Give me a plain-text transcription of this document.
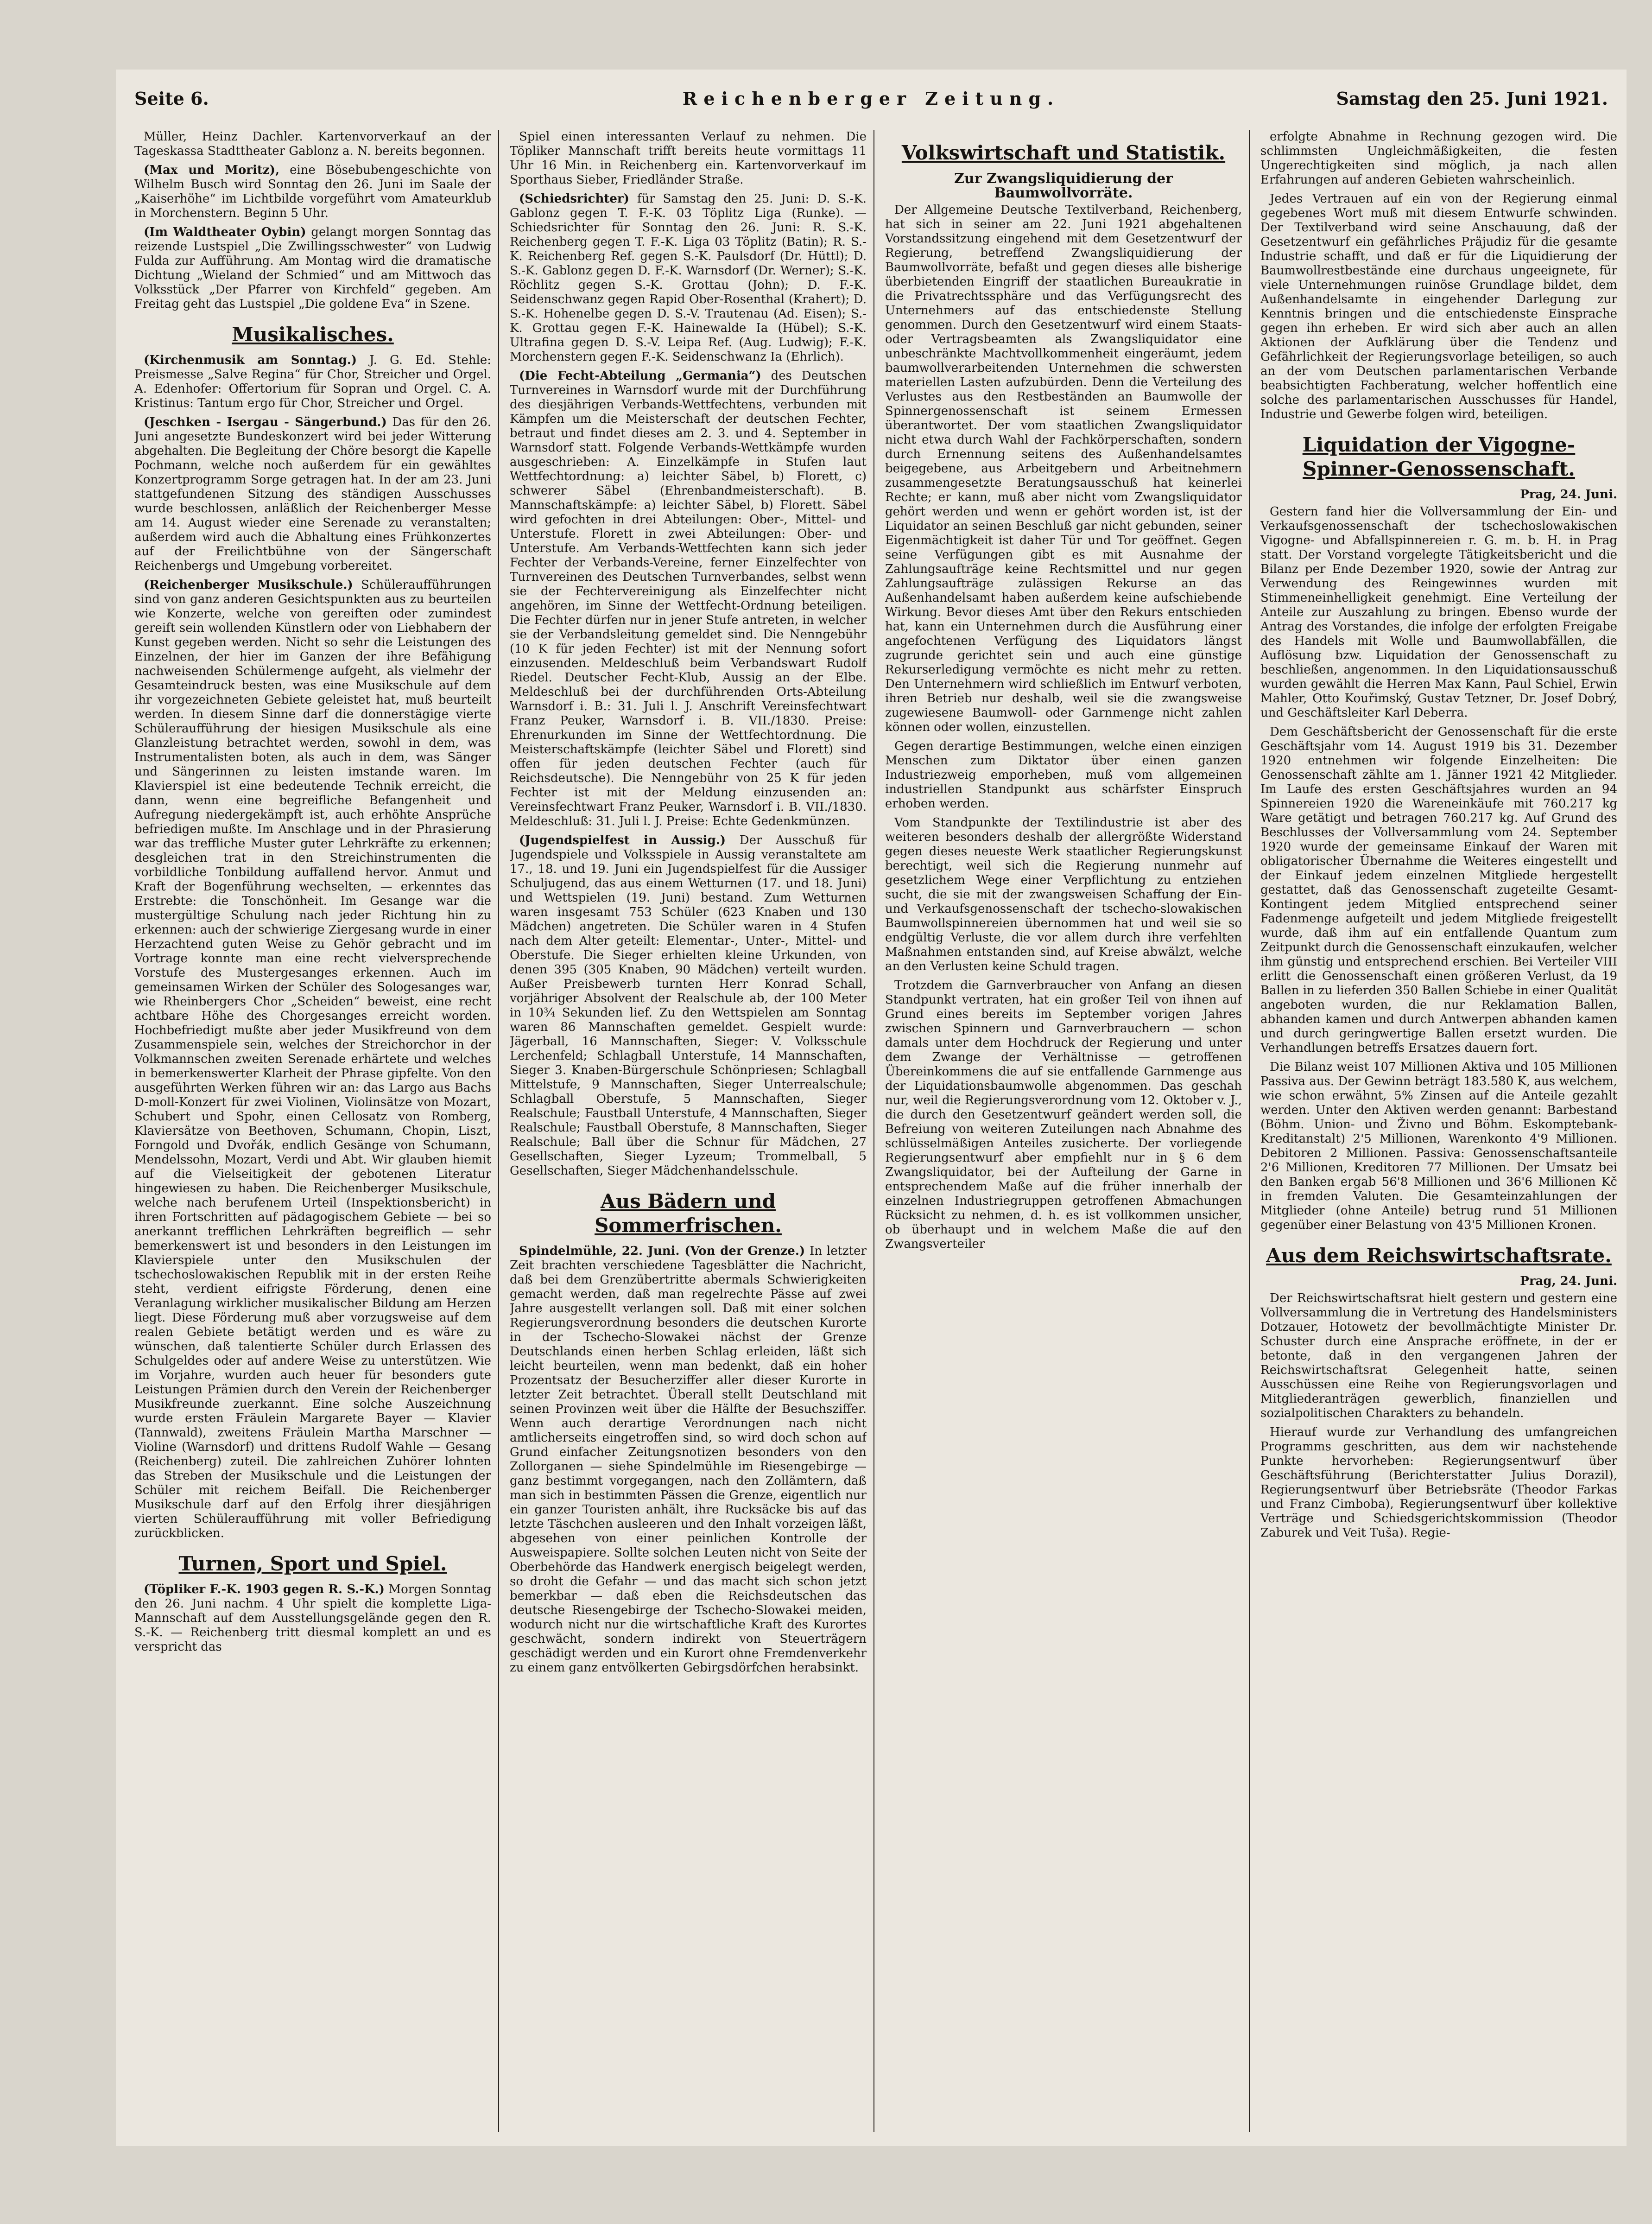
Seite 6.	Reichenberger Zeitung.	Samstag den 25. Juni 1921.

Müller, Heinz Dachler. Kartenvorverkauf an der Tageskassa Stadttheater Gablonz a. N. bereits begonnen.

(Max und Moritz), eine Bösebubengeschichte von Wilhelm Busch wird Sonntag den 26. Juni im Saale der „Kaiserhöhe“ im Lichtbilde vorgeführt vom Amateurklub in Morchenstern. Beginn 5 Uhr.

(Im Waldtheater Oybin) gelangt morgen Sonntag das reizende Lustspiel „Die Zwillingsschwester“ von Ludwig Fulda zur Aufführung. Am Montag wird die dramatische Dichtung „Wieland der Schmied“ und am Mittwoch das Volksstück „Der Pfarrer von Kirchfeld“ gegeben. Am Freitag geht das Lustspiel „Die goldene Eva“ in Szene.

Musikalisches.

(Kirchenmusik am Sonntag.) J. G. Ed. Stehle: Preismesse „Salve Regina“ für Chor, Streicher und Orgel. A. Edenhofer: Offertorium für Sopran und Orgel. C. A. Kristinus: Tantum ergo für Chor, Streicher und Orgel.

(Jeschken - Isergau - Sängerbund.) Das für den 26. Juni angesetzte Bundeskonzert wird bei jeder Witterung abgehalten. Die Begleitung der Chöre besorgt die Kapelle Pochmann, welche noch außerdem für ein gewähltes Konzertprogramm Sorge getragen hat. In der am 23. Juni stattgefundenen Sitzung des ständigen Ausschusses wurde beschlossen, anläßlich der Reichenberger Messe am 14. August wieder eine Serenade zu veranstalten; außerdem wird auch die Abhaltung eines Frühkonzertes auf der Freilichtbühne von der Sängerschaft Reichenbergs und Umgebung vorbereitet.

(Reichenberger Musikschule.) Schüleraufführungen sind von ganz anderen Gesichtspunkten aus zu beurteilen wie Konzerte, welche von gereiften oder zumindest gereift sein wollenden Künstlern oder von Liebhabern der Kunst gegeben werden. Nicht so sehr die Leistungen des Einzelnen, der hier im Ganzen der ihre Befähigung nachweisenden Schülermenge aufgeht, als vielmehr der Gesamteindruck besten, was eine Musikschule auf dem ihr vorgezeichneten Gebiete geleistet hat, muß beurteilt werden. In diesem Sinne darf die donnerstägige vierte Schüleraufführung der hiesigen Musikschule als eine Glanzleistung betrachtet werden, sowohl in dem, was Instrumentalisten boten, als auch in dem, was Sänger und Sängerinnen zu leisten imstande waren. Im Klavierspiel ist eine bedeutende Technik erreicht, die dann, wenn eine begreifliche Befangenheit und Aufregung niedergekämpft ist, auch erhöhte Ansprüche befriedigen mußte. Im Anschlage und in der Phrasierung war das treffliche Muster guter Lehrkräfte zu erkennen; desgleichen trat in den Streichinstrumenten die vorbildliche Tonbildung auffallend hervor. Anmut und Kraft der Bogenführung wechselten, — erkenntes das Erstrebte: die Tonschönheit. Im Gesange war die mustergültige Schulung nach jeder Richtung hin zu erkennen: auch der schwierige Ziergesang wurde in einer Herzachtend guten Weise zu Gehör gebracht und im Vortrage konnte man eine recht vielversprechende Vorstufe des Mustergesanges erkennen. Auch im gemeinsamen Wirken der Schüler des Sologesanges war, wie Rheinbergers Chor „Scheiden“ beweist, eine recht achtbare Höhe des Chorgesanges erreicht worden. Hochbefriedigt mußte aber jeder Musikfreund von dem Zusammenspiele sein, welches der Streichorchor in der Volkmannschen zweiten Serenade erhärtete und welches in bemerkenswerter Klarheit der Phrase gipfelte. Von den ausgeführten Werken führen wir an: das Largo aus Bachs D-moll-Konzert für zwei Violinen, Violinsätze von Mozart, Schubert und Spohr, einen Cellosatz von Romberg, Klaviersätze von Beethoven, Schumann, Chopin, Liszt, Forngold und Dvořák, endlich Gesänge von Schumann, Mendelssohn, Mozart, Verdi und Abt. Wir glauben hiemit auf die Vielseitigkeit der gebotenen Literatur hingewiesen zu haben. Die Reichenberger Musikschule, welche nach berufenem Urteil (Inspektionsbericht) in ihren Fortschritten auf pädagogischem Gebiete — bei so anerkannt trefflichen Lehrkräften begreiflich — sehr bemerkenswert ist und besonders in den Leistungen im Klavierspiele unter den Musikschulen der tschechoslowakischen Republik mit in der ersten Reihe steht, verdient eifrigste Förderung, denen eine Veranlagung wirklicher musikalischer Bildung am Herzen liegt. Diese Förderung muß aber vorzugsweise auf dem realen Gebiete betätigt werden und es wäre zu wünschen, daß talentierte Schüler durch Erlassen des Schulgeldes oder auf andere Weise zu unterstützen. Wie im Vorjahre, wurden auch heuer für besonders gute Leistungen Prämien durch den Verein der Reichenberger Musikfreunde zuerkannt. Eine solche Auszeichnung wurde ersten Fräulein Margarete Bayer — Klavier (Tannwald), zweitens Fräulein Martha Marschner — Violine (Warnsdorf) und drittens Rudolf Wahle — Gesang (Reichenberg) zuteil. Die zahlreichen Zuhörer lohnten das Streben der Musikschule und die Leistungen der Schüler mit reichem Beifall. Die Reichenberger Musikschule darf auf den Erfolg ihrer diesjährigen vierten Schüleraufführung mit voller Befriedigung zurückblicken.

Turnen, Sport und Spiel.

(Töpliker F.-K. 1903 gegen R. S.-K.) Morgen Sonntag den 26. Juni nachm. 4 Uhr spielt die komplette Liga-Mannschaft auf dem Ausstellungsgelände gegen den R. S.-K. — Reichenberg tritt diesmal komplett an und es verspricht das

Spiel einen interessanten Verlauf zu nehmen. Die Töpliker Mannschaft trifft bereits heute vormittags 11 Uhr 16 Min. in Reichenberg ein. Kartenvorverkauf im Sporthaus Sieber, Friedländer Straße.

(Schiedsrichter) für Samstag den 25. Juni: D. S.-K. Gablonz gegen T. F.-K. 03 Töplitz Liga (Runke). — Schiedsrichter für Sonntag den 26. Juni: R. S.-K. Reichenberg gegen T. F.-K. Liga 03 Töplitz (Batin); R. S.-K. Reichenberg Ref. gegen S.-K. Paulsdorf (Dr. Hüttl); D. S.-K. Gablonz gegen D. F.-K. Warnsdorf (Dr. Werner); S.-K. Röchlitz gegen S.-K. Grottau (John); D. F.-K. Seidenschwanz gegen Rapid Ober-Rosenthal (Krahert); D. S.-K. Hohenelbe gegen D. S.-V. Trautenau (Ad. Eisen); S.-K. Grottau gegen F.-K. Hainewalde Ia (Hübel); S.-K. Ultrafina gegen D. S.-V. Leipa Ref. (Aug. Ludwig); F.-K. Morchenstern gegen F.-K. Seidenschwanz Ia (Ehrlich).

(Die Fecht-Abteilung „Germania“) des Deutschen Turnvereines in Warnsdorf wurde mit der Durchführung des diesjährigen Verbands-Wettfechtens, verbunden mit Kämpfen um die Meisterschaft der deutschen Fechter, betraut und findet dieses am 2. 3. und 4. September in Warnsdorf statt. Folgende Verbands-Wettkämpfe wurden ausgeschrieben: A. Einzelkämpfe in Stufen laut Wettfechtordnung: a) leichter Säbel, b) Florett, c) schwerer Säbel (Ehrenbandmeisterschaft). B. Mannschaftskämpfe: a) leichter Säbel, b) Florett. Säbel wird gefochten in drei Abteilungen: Ober-, Mittel- und Unterstufe. Florett in zwei Abteilungen: Ober- und Unterstufe. Am Verbands-Wettfechten kann sich jeder Fechter der Verbands-Vereine, ferner Einzelfechter von Turnvereinen des Deutschen Turnverbandes, selbst wenn sie der Fechtervereinigung als Einzelfechter nicht angehören, im Sinne der Wettfecht-Ordnung beteiligen. Die Fechter dürfen nur in jener Stufe antreten, in welcher sie der Verbandsleitung gemeldet sind. Die Nenngebühr (10 K für jeden Fechter) ist mit der Nennung sofort einzusenden. Meldeschluß beim Verbandswart Rudolf Riedel. Deutscher Fecht-Klub, Aussig an der Elbe. Meldeschluß bei der durchführenden Orts-Abteilung Warnsdorf i. B.: 31. Juli l. J. Anschrift Vereinsfechtwart Franz Peuker, Warnsdorf i. B. VII./1830. Preise: Ehrenurkunden im Sinne der Wettfechtordnung. Die Meisterschaftskämpfe (leichter Säbel und Florett) sind offen für jeden deutschen Fechter (auch für Reichsdeutsche). Die Nenngebühr von 25 K für jeden Fechter ist mit der Meldung einzusenden an: Vereinsfechtwart Franz Peuker, Warnsdorf i. B. VII./1830. Meldeschluß: 31. Juli l. J. Preise: Echte Gedenkmünzen.

(Jugendspielfest in Aussig.) Der Ausschuß für Jugendspiele und Volksspiele in Aussig veranstaltete am 17., 18. und 19. Juni ein Jugendspielfest für die Aussiger Schuljugend, das aus einem Wetturnen (17. und 18. Juni) und Wettspielen (19. Juni) bestand. Zum Wetturnen waren insgesamt 753 Schüler (623 Knaben und 130 Mädchen) angetreten. Die Schüler waren in 4 Stufen nach dem Alter geteilt: Elementar-, Unter-, Mittel- und Oberstufe. Die Sieger erhielten kleine Urkunden, von denen 395 (305 Knaben, 90 Mädchen) verteilt wurden. Außer Preisbewerb turnten Herr Konrad Schall, vorjähriger Absolvent der Realschule ab, der 100 Meter in 10¾ Sekunden lief. Zu den Wettspielen am Sonntag waren 86 Mannschaften gemeldet. Gespielt wurde: Jägerball, 16 Mannschaften, Sieger: V. Volksschule Lerchenfeld; Schlagball Unterstufe, 14 Mannschaften, Sieger 3. Knaben-Bürgerschule Schönpriesen; Schlagball Mittelstufe, 9 Mannschaften, Sieger Unterrealschule; Schlagball Oberstufe, 5 Mannschaften, Sieger Realschule; Faustball Unterstufe, 4 Mannschaften, Sieger Realschule; Faustball Oberstufe, 8 Mannschaften, Sieger Realschule; Ball über die Schnur für Mädchen, 27 Gesellschaften, Sieger Lyzeum; Trommelball, 5 Gesellschaften, Sieger Mädchenhandelsschule.

Aus Bädern und Sommerfrischen.

Spindelmühle, 22. Juni. (Von der Grenze.) In letzter Zeit brachten verschiedene Tagesblätter die Nachricht, daß bei dem Grenzübertritte abermals Schwierigkeiten gemacht werden, daß man regelrechte Pässe auf zwei Jahre ausgestellt verlangen soll. Daß mit einer solchen Regierungsverordnung besonders die deutschen Kurorte in der Tschecho-Slowakei nächst der Grenze Deutschlands einen herben Schlag erleiden, läßt sich leicht beurteilen, wenn man bedenkt, daß ein hoher Prozentsatz der Besucherziffer aller dieser Kurorte in letzter Zeit betrachtet. Überall stellt Deutschland mit seinen Provinzen weit über die Hälfte der Besuchsziffer. Wenn auch derartige Verordnungen nach nicht amtlicherseits eingetroffen sind, so wird doch schon auf Grund einfacher Zeitungsnotizen besonders von den Zollorganen — siehe Spindelmühle im Riesengebirge — ganz bestimmt vorgegangen, nach den Zollämtern, daß man sich in bestimmten Pässen die Grenze, eigentlich nur ein ganzer Touristen anhält, ihre Rucksäcke bis auf das letzte Täschchen ausleeren und den Inhalt vorzeigen läßt, abgesehen von einer peinlichen Kontrolle der Ausweispapiere. Sollte solchen Leuten nicht von Seite der Oberbehörde das Handwerk energisch beigelegt werden, so droht die Gefahr — und das macht sich schon jetzt bemerkbar — daß eben die Reichsdeutschen das deutsche Riesengebirge der Tschecho-Slowakei meiden, wodurch nicht nur die wirtschaftliche Kraft des Kurortes geschwächt, sondern indirekt von Steuerträgern geschädigt werden und ein Kurort ohne Fremdenverkehr zu einem ganz entvölkerten Gebirgsdörfchen herabsinkt.

Volkswirtschaft und Statistik.
Zur Zwangsliquidierung der Baumwollvorräte.

Der Allgemeine Deutsche Textilverband, Reichenberg, hat sich in seiner am 22. Juni 1921 abgehaltenen Vorstandssitzung eingehend mit dem Gesetzentwurf der Regierung, betreffend Zwangsliquidierung der Baumwollvorräte, befaßt und gegen dieses alle bisherige überbietenden Eingriff der staatlichen Bureaukratie in die Privatrechtssphäre und das Verfügungsrecht des Unternehmers auf das entschiedenste Stellung genommen. Durch den Gesetzentwurf wird einem Staats- oder Vertragsbeamten als Zwangsliquidator eine unbeschränkte Machtvollkommenheit eingeräumt, jedem baumwollverarbeitenden Unternehmen die schwersten materiellen Lasten aufzubürden. Denn die Verteilung des Verlustes aus den Restbeständen an Baumwolle der Spinnergenossenschaft ist seinem Ermessen überantwortet. Der vom staatlichen Zwangsliquidator nicht etwa durch Wahl der Fachkörperschaften, sondern durch Ernennung seitens des Außenhandelsamtes beigegebene, aus Arbeitgebern und Arbeitnehmern zusammengesetzte Beratungsausschuß hat keinerlei Rechte; er kann, muß aber nicht vom Zwangsliquidator gehört werden und wenn er gehört worden ist, ist der Liquidator an seinen Beschluß gar nicht gebunden, seiner Eigenmächtigkeit ist daher Tür und Tor geöffnet. Gegen seine Verfügungen gibt es mit Ausnahme der Zahlungsaufträge keine Rechtsmittel und nur gegen Zahlungsaufträge zulässigen Rekurse an das Außenhandelsamt haben außerdem keine aufschiebende Wirkung. Bevor dieses Amt über den Rekurs entschieden hat, kann ein Unternehmen durch die Ausführung einer angefochtenen Verfügung des Liquidators längst zugrunde gerichtet sein und auch eine günstige Rekurserledigung vermöchte es nicht mehr zu retten. Den Unternehmern wird schließlich im Entwurf verboten, ihren Betrieb nur deshalb, weil sie die zwangsweise zugewiesene Baumwoll- oder Garnmenge nicht zahlen können oder wollen, einzustellen.

Gegen derartige Bestimmungen, welche einen einzigen Menschen zum Diktator über einen ganzen Industriezweig emporheben, muß vom allgemeinen industriellen Standpunkt aus schärfster Einspruch erhoben werden.

Vom Standpunkte der Textilindustrie ist aber des weiteren besonders deshalb der allergrößte Widerstand gegen dieses neueste Werk staatlicher Regierungskunst berechtigt, weil sich die Regierung nunmehr auf gesetzlichem Wege einer Verpflichtung zu entziehen sucht, die sie mit der zwangsweisen Schaffung der Ein- und Verkaufsgenossenschaft der tschecho-slowakischen Baumwollspinnereien übernommen hat und weil sie so endgültig Verluste, die vor allem durch ihre verfehlten Maßnahmen entstanden sind, auf Kreise abwälzt, welche an den Verlusten keine Schuld tragen.

Trotzdem die Garnverbraucher von Anfang an diesen Standpunkt vertraten, hat ein großer Teil von ihnen auf Grund eines bereits im September vorigen Jahres zwischen Spinnern und Garnverbrauchern — schon damals unter dem Hochdruck der Regierung und unter dem Zwange der Verhältnisse — getroffenen Übereinkommens die auf sie entfallende Garnmenge aus der Liquidationsbaumwolle abgenommen. Das geschah nur, weil die Regierungsverordnung vom 12. Oktober v. J., die durch den Gesetzentwurf geändert werden soll, die Befreiung von weiteren Zuteilungen nach Abnahme des schlüsselmäßigen Anteiles zusicherte. Der vorliegende Regierungsentwurf aber empfiehlt nur in § 6 dem Zwangsliquidator, bei der Aufteilung der Garne in entsprechendem Maße auf die früher innerhalb der einzelnen Industriegruppen getroffenen Abmachungen Rücksicht zu nehmen, d. h. es ist vollkommen unsicher, ob überhaupt und in welchem Maße die auf den Zwangsverteiler

erfolgte Abnahme in Rechnung gezogen wird. Die schlimmsten Ungleichmäßigkeiten, die festen Ungerechtigkeiten sind möglich, ja nach allen Erfahrungen auf anderen Gebieten wahrscheinlich.

Jedes Vertrauen auf ein von der Regierung einmal gegebenes Wort muß mit diesem Entwurfe schwinden. Der Textilverband wird seine Anschauung, daß der Gesetzentwurf ein gefährliches Präjudiz für die gesamte Industrie schafft, und daß er für die Liquidierung der Baumwollrestbestände eine durchaus ungeeignete, für viele Unternehmungen ruinöse Grundlage bildet, dem Außenhandelsamte in eingehender Darlegung zur Kenntnis bringen und die entschiedenste Einsprache gegen ihn erheben. Er wird sich aber auch an allen Aktionen der Aufklärung über die Tendenz und Gefährlichkeit der Regierungsvorlage beteiligen, so auch an der vom Deutschen parlamentarischen Verbande beabsichtigten Fachberatung, welcher hoffentlich eine solche des parlamentarischen Ausschusses für Handel, Industrie und Gewerbe folgen wird, beteiligen.

Liquidation der Vigogne-Spinner-Genossenschaft.
Prag, 24. Juni.

Gestern fand hier die Vollversammlung der Ein- und Verkaufsgenossenschaft der tschechoslowakischen Vigogne- und Abfallspinnereien r. G. m. b. H. in Prag statt. Der Vorstand vorgelegte Tätigkeitsbericht und die Bilanz per Ende Dezember 1920, sowie der Antrag zur Verwendung des Reingewinnes wurden mit Stimmeneinhelligkeit genehmigt. Eine Verteilung der Anteile zur Auszahlung zu bringen. Ebenso wurde der Antrag des Vorstandes, die infolge der erfolgten Freigabe des Handels mit Wolle und Baumwollabfällen, die Auflösung bzw. Liquidation der Genossenschaft zu beschließen, angenommen. In den Liquidationsausschuß wurden gewählt die Herren Max Kann, Paul Schiel, Erwin Mahler, Otto Kouřimský, Gustav Tetzner, Dr. Josef Dobrý, und Geschäftsleiter Karl Deberra.

Dem Geschäftsbericht der Genossenschaft für die erste Geschäftsjahr vom 14. August 1919 bis 31. Dezember 1920 entnehmen wir folgende Einzelheiten: Die Genossenschaft zählte am 1. Jänner 1921 42 Mitglieder. Im Laufe des ersten Geschäftsjahres wurden an 94 Spinnereien 1920 die Wareneinkäufe mit 760.217 kg Ware getätigt und betragen 760.217 kg. Auf Grund des Beschlusses der Vollversammlung vom 24. September 1920 wurde der gemeinsame Einkauf der Waren mit obligatorischer Übernahme die Weiteres eingestellt und der Einkauf jedem einzelnen Mitgliede hergestellt gestattet, daß das Genossenschaft zugeteilte Gesamt-Kontingent jedem Mitglied entsprechend seiner Fadenmenge aufgeteilt und jedem Mitgliede freigestellt wurde, daß ihm auf ein entfallende Quantum zum Zeitpunkt durch die Genossenschaft einzukaufen, welcher ihm günstig und entsprechend erschien. Bei Verteiler VIII erlitt die Genossenschaft einen größeren Verlust, da 19 Ballen in zu lieferden 350 Ballen Schiebe in einer Qualität angeboten wurden, die nur Reklamation Ballen, abhanden kamen und durch Antwerpen abhanden kamen und durch geringwertige Ballen ersetzt wurden. Die Verhandlungen betreffs Ersatzes dauern fort.

Die Bilanz weist 107 Millionen Aktiva und 105 Millionen Passiva aus. Der Gewinn beträgt 183.580 K, aus welchem, wie schon erwähnt, 5% Zinsen auf die Anteile gezahlt werden. Unter den Aktiven werden genannt: Barbestand (Böhm. Union- und Živno und Böhm. Eskomptebank-Kreditanstalt) 2'5 Millionen, Warenkonto 4'9 Millionen. Debitoren 2 Millionen. Passiva: Genossenschaftsanteile 2'6 Millionen, Kreditoren 77 Millionen. Der Umsatz bei den Banken ergab 56'8 Millionen und 36'6 Millionen Kč in fremden Valuten. Die Gesamteinzahlungen der Mitglieder (ohne Anteile) betrug rund 51 Millionen gegenüber einer Belastung von 43'5 Millionen Kronen.

Aus dem Reichswirtschaftsrate.
Prag, 24. Juni.

Der Reichswirtschaftsrat hielt gestern und gestern eine Vollversammlung die in Vertretung des Handelsministers Dotzauer, Hotowetz der bevollmächtigte Minister Dr. Schuster durch eine Ansprache eröffnete, in der er betonte, daß in den vergangenen Jahren der Reichswirtschaftsrat Gelegenheit hatte, seinen Ausschüssen eine Reihe von Regierungsvorlagen und Mitgliederanträgen gewerblich, finanziellen und sozialpolitischen Charakters zu behandeln.

Hierauf wurde zur Verhandlung des umfangreichen Programms geschritten, aus dem wir nachstehende Punkte hervorheben: Regierungsentwurf über Geschäftsführung (Berichterstatter Julius Dorazil), Regierungsentwurf über Betriebsräte (Theodor Farkas und Franz Cimboba), Regierungsentwurf über kollektive Verträge und Schiedsgerichtskommission (Theodor Zaburek und Veit Tuša). Regie-
